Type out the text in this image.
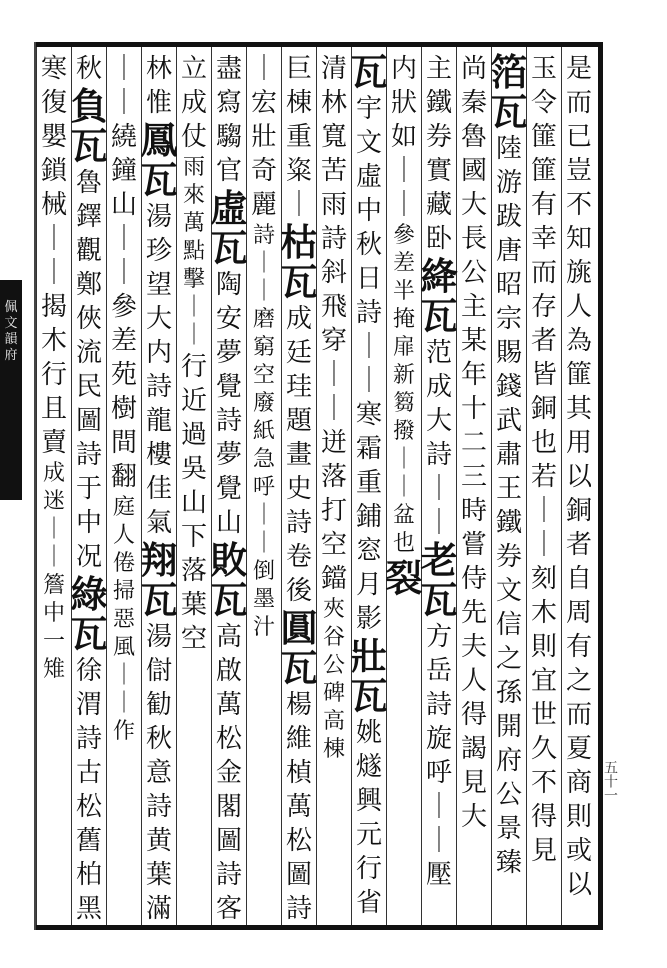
佩文韻府
五十一
是
而
已
豈
不
知
旐
人
為
篚
其
用
以
銅
者
自
周
有
之
而
夏
商
則
或
以
玉
令
篚
篚
有
幸
而
存
者
皆
銅
也
若
｜
｜
刻
木
則
宜
世
久
不
得
見
箔
瓦
陸
游
跋
唐
昭
宗
賜
錢
武
肅
王
鐵
券
文
信
之
孫
開
府
公
景
臻
尚
秦
魯
國
大
長
公
主
某
年
十
二
三
時
嘗
侍
先
夫
人
得
謁
見
大
主
鐵
券
實
藏
卧
絳
瓦
范
成
大
詩
｜
｜
老
瓦
方
岳
詩
旋
呼
｜
｜
壓
内
狀
如
｜
｜
參
差
半
掩
扉
新
篘
撥
｜
｜
盆
也
裂
瓦
宇
文
虛
中
秋
日
詩
｜
｜
寒
霜
重
鋪
窓
月
影
壯
瓦
姚
燧
興
元
行
省
清
林
寬
苦
雨
詩
斜
飛
穿
｜
｜
迸
落
打
空
鐺
夾
谷
公
碑
高
棟
巨
棟
重
粢
｜
枯
瓦
成
廷
珪
題
畫
史
詩
卷
後
圓
瓦
楊
維
楨
萬
松
圖
詩
｜
宏
壯
奇
麗
詩
｜
｜
磨
窮
空
廢
紙
急
呼
｜
｜
倒
墨
汁
盡
寫
騶
官
虛
瓦
陶
安
夢
覺
詩
夢
覺
山
敗
瓦
高
啟
萬
松
金
閣
圖
詩
客
立
成
仗
雨
來
萬
點
擊
｜
｜
行
近
過
吳
山
下
落
葉
空
林
惟
鳳
瓦
湯
珍
望
大
内
詩
龍
樓
佳
氣
翔
瓦
湯
傠
勧
秋
意
詩
黄
葉
滿
｜
｜
繞
鐘
山
｜
｜
參
差
苑
樹
間
翻
庭
人
倦
掃
惡
風
｜
｜
作
秋
負
瓦
魯
鐸
觀
鄭
俠
流
民
圖
詩
于
中
况
綠
瓦
徐
渭
詩
古
松
舊
柏
黑
寒
復
嬰
鎖
械
｜
｜
揭
木
行
且
賣
成
迷
｜
｜
簷
中
一
雉
